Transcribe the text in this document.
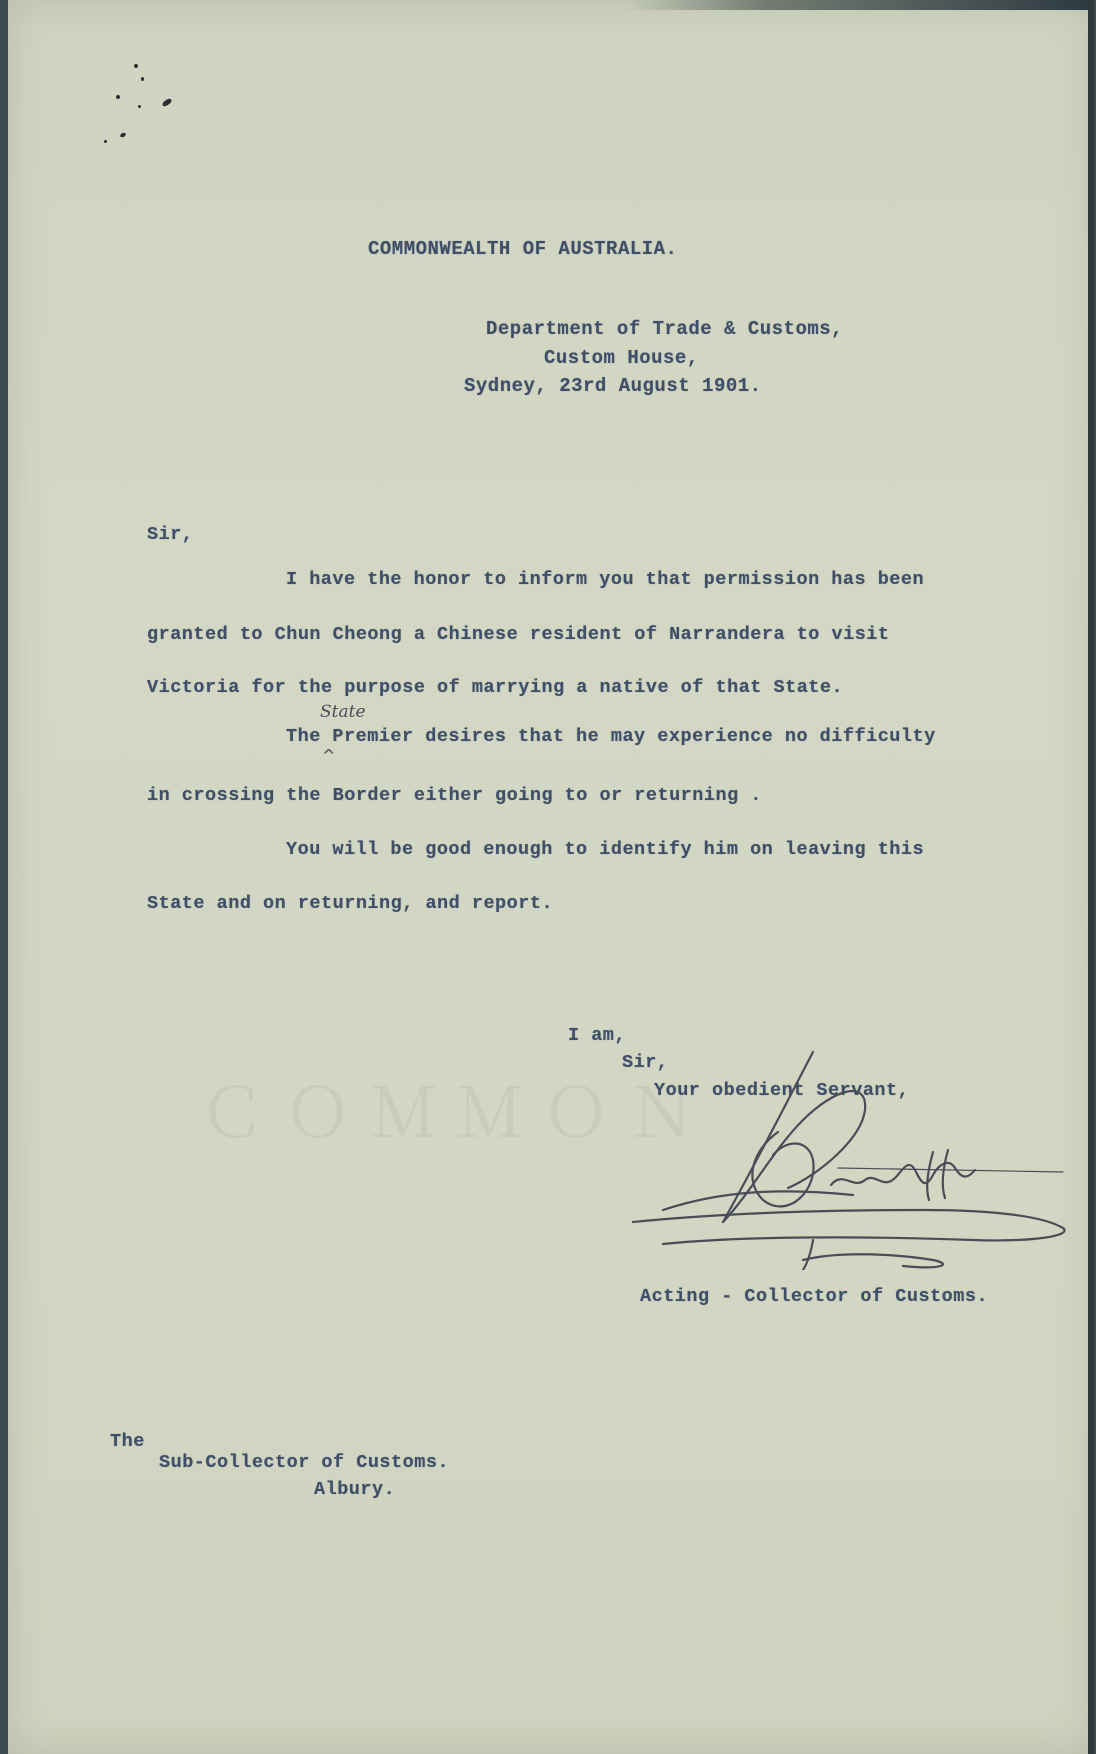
ＣＯＭＭＯＮ
COMMONWEALTH OF AUSTRALIA.
Department of Trade & Customs,
Custom House,
Sydney, 23rd August 1901.
Sir,
I have the honor to inform you that permission has been
granted to Chun Cheong a Chinese resident of Narrandera to visit
Victoria for the purpose of marrying a native of that State.
State
^
The Premier desires that he may experience no difficulty
in crossing the Border either going to or returning .
You will be good enough to identify him on leaving this
State and on returning, and report.
I am,
Sir,
Your obedient Servant,
Acting - Collector of Customs.
The
Sub-Collector of Customs.
Albury.
